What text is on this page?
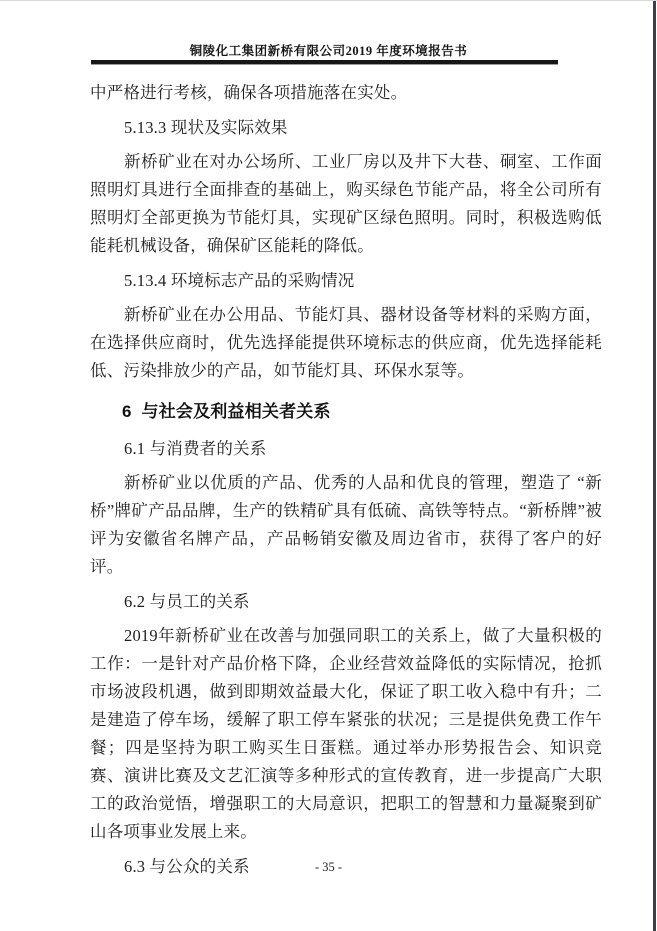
铜陵化工集团新桥有限公司2019 年度环境报告书

中严格进行考核，确保各项措施落在实处。

5.13.3 现状及实际效果

新桥矿业在对办公场所、工业厂房以及井下大巷、硐室、工作面照明灯具进行全面排查的基础上，购买绿色节能产品，将全公司所有照明灯全部更换为节能灯具，实现矿区绿色照明。同时，积极选购低能耗机械设备，确保矿区能耗的降低。

5.13.4 环境标志产品的采购情况

新桥矿业在办公用品、节能灯具、器材设备等材料的采购方面，在选择供应商时，优先选择能提供环境标志的供应商，优先选择能耗低、污染排放少的产品，如节能灯具、环保水泵等。

6  与社会及利益相关者关系

6.1 与消费者的关系

新桥矿业以优质的产品、优秀的人品和优良的管理，塑造了 “新桥”牌矿产品品牌，生产的铁精矿具有低硫、高铁等特点。“新桥牌”被评为安徽省名牌产品，产品畅销安徽及周边省市，获得了客户的好评。

6.2 与员工的关系

2019年新桥矿业在改善与加强同职工的关系上，做了大量积极的工作：一是针对产品价格下降，企业经营效益降低的实际情况，抢抓市场波段机遇，做到即期效益最大化，保证了职工收入稳中有升；二是建造了停车场，缓解了职工停车紧张的状况；三是提供免费工作午餐；四是坚持为职工购买生日蛋糕。通过举办形势报告会、知识竞赛、演讲比赛及文艺汇演等多种形式的宣传教育，进一步提高广大职工的政治觉悟，增强职工的大局意识，把职工的智慧和力量凝聚到矿山各项事业发展上来。

6.3 与公众的关系	- 35 -
